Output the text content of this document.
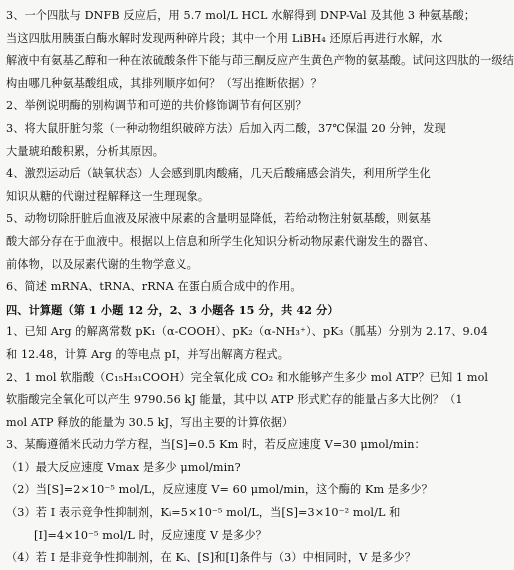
3、一个四肽与 DNFB 反应后，用 5.7 mol/L HCL 水解得到 DNP-Val 及其他 3 种氨基酸；
当这四肽用胰蛋白酶水解时发现两种碎片段；其中一个用 LiBH₄ 还原后再进行水解，水
解液中有氨基乙醇和一种在浓硫酸条件下能与茚三酮反应产生黄色产物的氨基酸。试问这四肽的一级结
构由哪几种氨基酸组成，其排列顺序如何？（写出推断依据）？
2、举例说明酶的别构调节和可逆的共价修饰调节有何区别？
3、将大鼠肝脏匀浆（一种动物组织破碎方法）后加入丙二酸，37℃保温 20 分钟，发现
大量琥珀酸积累，分析其原因。
4、激烈运动后（缺氧状态）人会感到肌肉酸痛，几天后酸痛感会消失，利用所学生化
知识从糖的代谢过程解释这一生理现象。
5、动物切除肝脏后血液及尿液中尿素的含量明显降低，若给动物注射氨基酸，则氨基
酸大部分存在于血液中。根据以上信息和所学生化知识分析动物尿素代谢发生的器官、
前体物，以及尿素代谢的生物学意义。
6、简述 mRNA、tRNA、rRNA 在蛋白质合成中的作用。
四、计算题（第 1 小题 12 分，2、3 小题各 15 分，共 42 分）
1、已知 Arg 的解离常数 pK₁（α-COOH）、pK₂（α-NH₃⁺）、pK₃（胍基）分别为 2.17、9.04
和 12.48，计算 Arg 的等电点 pI，并写出解离方程式。
2、1 mol 软脂酸（C₁₅H₃₁COOH）完全氧化成 CO₂ 和水能够产生多少 mol ATP？已知 1 mol
软脂酸完全氧化可以产生 9790.56 kJ 能量，其中以 ATP 形式贮存的能量占多大比例？（1
mol ATP 释放的能量为 30.5 kJ，写出主要的计算依据）
3、某酶遵循米氏动力学方程，当[S]=0.5 Km 时，若反应速度 V=30 μmol/min：
（1）最大反应速度 Vmax 是多少 μmol/min?
（2）当[S]=2×10⁻⁵ mol/L，反应速度 V= 60 μmol/min，这个酶的 Km 是多少？
（3）若 I 表示竞争性抑制剂，Kᵢ=5×10⁻⁵ mol/L，当[S]=3×10⁻² mol/L 和
[I]=4×10⁻⁵ mol/L 时，反应速度 V 是多少？
（4）若 I 是非竞争性抑制剂，在 Kᵢ、[S]和[I]条件与（3）中相同时，V 是多少？
